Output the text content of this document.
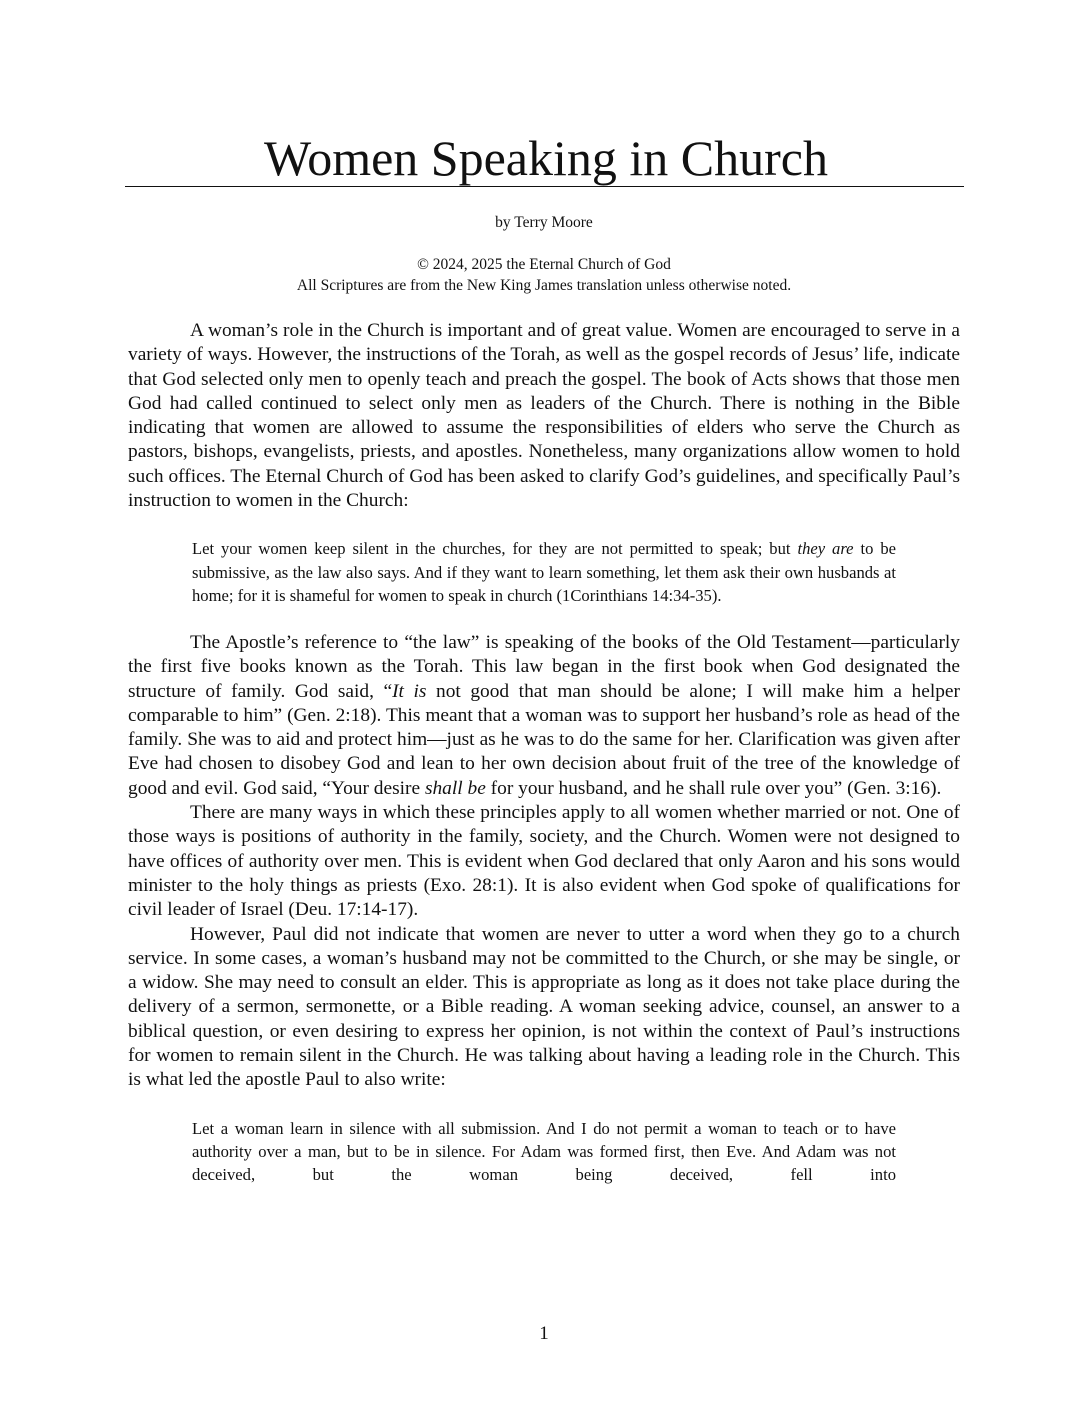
Women Speaking in Church
by Terry Moore
© 2024, 2025 the Eternal Church of God
All Scriptures are from the New King James translation unless otherwise noted.

A woman’s role in the Church is important and of great value. Women are encouraged to serve in a variety of ways. However, the instructions of the Torah, as well as the gospel records of Jesus’ life, indicate that God selected only men to openly teach and preach the gospel. The book of Acts shows that those men God had called continued to select only men as leaders of the Church. There is nothing in the Bible indicating that women are allowed to assume the responsibilities of elders who serve the Church as pastors, bishops, evangelists, priests, and apostles. Nonetheless, many organizations allow women to hold such offices. The Eternal Church of God has been asked to clarify God’s guidelines, and specifically Paul’s instruction to women in the Church:

Let your women keep silent in the churches, for they are not permitted to speak; but they are to be submissive, as the law also says. And if they want to learn something, let them ask their own husbands at home; for it is shameful for women to speak in church (1Corinthians 14:34-35).

The Apostle’s reference to “the law” is speaking of the books of the Old Testament—particularly the first five books known as the Torah. This law began in the first book when God designated the structure of family. God said, “It is not good that man should be alone; I will make him a helper comparable to him” (Gen. 2:18). This meant that a woman was to support her husband’s role as head of the family. She was to aid and protect him—just as he was to do the same for her. Clarification was given after Eve had chosen to disobey God and lean to her own decision about fruit of the tree of the knowledge of good and evil. God said, “Your desire shall be for your husband, and he shall rule over you” (Gen. 3:16).

There are many ways in which these principles apply to all women whether married or not. One of those ways is positions of authority in the family, society, and the Church. Women were not designed to have offices of authority over men. This is evident when God declared that only Aaron and his sons would minister to the holy things as priests (Exo. 28:1). It is also evident when God spoke of qualifications for civil leader of Israel (Deu. 17:14-17).

However, Paul did not indicate that women are never to utter a word when they go to a church service. In some cases, a woman’s husband may not be committed to the Church, or she may be single, or a widow. She may need to consult an elder. This is appropriate as long as it does not take place during the delivery of a sermon, sermonette, or a Bible reading. A woman seeking advice, counsel, an answer to a biblical question, or even desiring to express her opinion, is not within the context of Paul’s instructions for women to remain silent in the Church. He was talking about having a leading role in the Church. This is what led the apostle Paul to also write:

Let a woman learn in silence with all submission. And I do not permit a woman to teach or to have authority over a man, but to be in silence. For Adam was formed first, then Eve. And Adam was not deceived, but the woman being deceived, fell into

1
